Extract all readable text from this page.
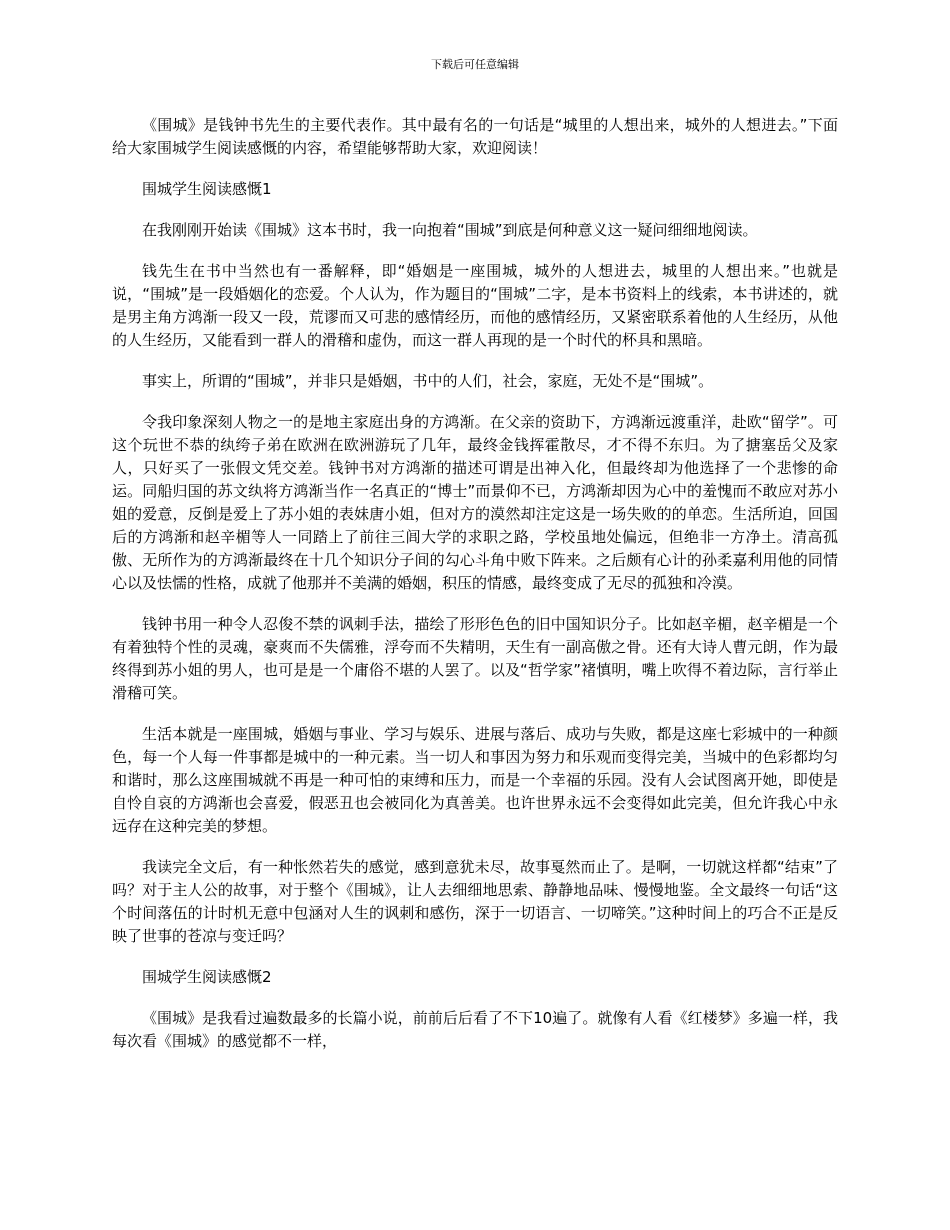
下载后可任意编辑

《围城》是钱钟书先生的主要代表作。其中最有名的一句话是“城里的人想出来，城外的人想进去。”下面给大家围城学生阅读感慨的内容，希望能够帮助大家，欢迎阅读！

围城学生阅读感慨1

在我刚刚开始读《围城》这本书时，我一向抱着“围城”到底是何种意义这一疑问细细地阅读。

钱先生在书中当然也有一番解释，即“婚姻是一座围城，城外的人想进去，城里的人想出来。”也就是说，“围城”是一段婚姻化的恋爱。个人认为，作为题目的“围城”二字，是本书资料上的线索，本书讲述的，就是男主角方鸿渐一段又一段，荒谬而又可悲的感情经历，而他的感情经历，又紧密联系着他的人生经历，从他的人生经历，又能看到一群人的滑稽和虚伪，而这一群人再现的是一个时代的杯具和黑暗。

事实上，所谓的“围城”，并非只是婚姻，书中的人们，社会，家庭，无处不是“围城”。

令我印象深刻人物之一的是地主家庭出身的方鸿渐。在父亲的资助下，方鸿渐远渡重洋，赴欧“留学”。可这个玩世不恭的纨绔子弟在欧洲在欧洲游玩了几年，最终金钱挥霍散尽，才不得不东归。为了搪塞岳父及家人，只好买了一张假文凭交差。钱钟书对方鸿渐的描述可谓是出神入化，但最终却为他选择了一个悲惨的命运。同船归国的苏文纨将方鸿渐当作一名真正的“博士”而景仰不已，方鸿渐却因为心中的羞愧而不敢应对苏小姐的爱意，反倒是爱上了苏小姐的表妹唐小姐，但对方的漠然却注定这是一场失败的的单恋。生活所迫，回国后的方鸿渐和赵辛楣等人一同踏上了前往三闾大学的求职之路，学校虽地处偏远，但绝非一方净土。清高孤傲、无所作为的方鸿渐最终在十几个知识分子间的勾心斗角中败下阵来。之后颇有心计的孙柔嘉利用他的同情心以及怯懦的性格，成就了他那并不美满的婚姻，积压的情感，最终变成了无尽的孤独和冷漠。

钱钟书用一种令人忍俊不禁的讽刺手法，描绘了形形色色的旧中国知识分子。比如赵辛楣，赵辛楣是一个有着独特个性的灵魂，豪爽而不失儒雅，浮夸而不失精明，天生有一副高傲之骨。还有大诗人曹元朗，作为最终得到苏小姐的男人，也可是是一个庸俗不堪的人罢了。以及“哲学家”褚慎明，嘴上吹得不着边际，言行举止滑稽可笑。

生活本就是一座围城，婚姻与事业、学习与娱乐、进展与落后、成功与失败，都是这座七彩城中的一种颜色，每一个人每一件事都是城中的一种元素。当一切人和事因为努力和乐观而变得完美，当城中的色彩都均匀和谐时，那么这座围城就不再是一种可怕的束缚和压力，而是一个幸福的乐园。没有人会试图离开她，即使是自怜自哀的方鸿渐也会喜爱，假恶丑也会被同化为真善美。也许世界永远不会变得如此完美，但允许我心中永远存在这种完美的梦想。

我读完全文后，有一种怅然若失的感觉，感到意犹未尽，故事戛然而止了。是啊，一切就这样都“结束”了吗？对于主人公的故事，对于整个《围城》，让人去细细地思索、静静地品味、慢慢地鉴。全文最终一句话“这个时间落伍的计时机无意中包涵对人生的讽刺和感伤，深于一切语言、一切啼笑。”这种时间上的巧合不正是反映了世事的苍凉与变迁吗？

围城学生阅读感慨2

《围城》是我看过遍数最多的长篇小说，前前后后看了不下10遍了。就像有人看《红楼梦》多遍一样，我每次看《围城》的感觉都不一样，
